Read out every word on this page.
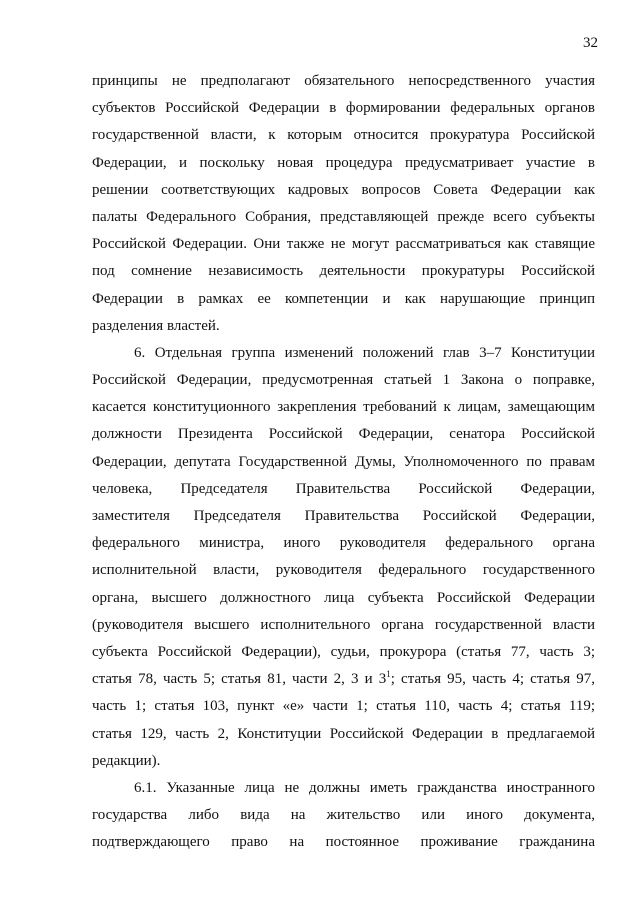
32
принципы не предполагают обязательного непосредственного участия
субъектов Российской Федерации в формировании федеральных органов
государственной власти, к которым относится прокуратура Российской
Федерации, и поскольку новая процедура предусматривает участие в
решении соответствующих кадровых вопросов Совета Федерации как
палаты Федерального Собрания, представляющей прежде всего субъекты
Российской Федерации. Они также не могут рассматриваться как ставящие
под сомнение независимость деятельности прокуратуры Российской
Федерации в рамках ее компетенции и как нарушающие принцип
разделения властей.
6. Отдельная группа изменений положений глав 3–7 Конституции
Российской Федерации, предусмотренная статьей 1 Закона о поправке,
касается конституционного закрепления требований к лицам, замещающим
должности Президента Российской Федерации, сенатора Российской
Федерации, депутата Государственной Думы, Уполномоченного по правам
человека, Председателя Правительства Российской Федерации,
заместителя Председателя Правительства Российской Федерации,
федерального министра, иного руководителя федерального органа
исполнительной власти, руководителя федерального государственного
органа, высшего должностного лица субъекта Российской Федерации
(руководителя высшего исполнительного органа государственной власти
субъекта Российской Федерации), судьи, прокурора (статья 77, часть 3;
статья 78, часть 5; статья 81, части 2, 3 и $3^1$; статья 95, часть 4; статья 97,
часть 1; статья 103, пункт «е» части 1; статья 110, часть 4; статья 119;
статья 129, часть 2, Конституции Российской Федерации в предлагаемой
редакции).
6.1. Указанные лица не должны иметь гражданства иностранного
государства либо вида на жительство или иного документа,
подтверждающего право на постоянное проживание гражданина
